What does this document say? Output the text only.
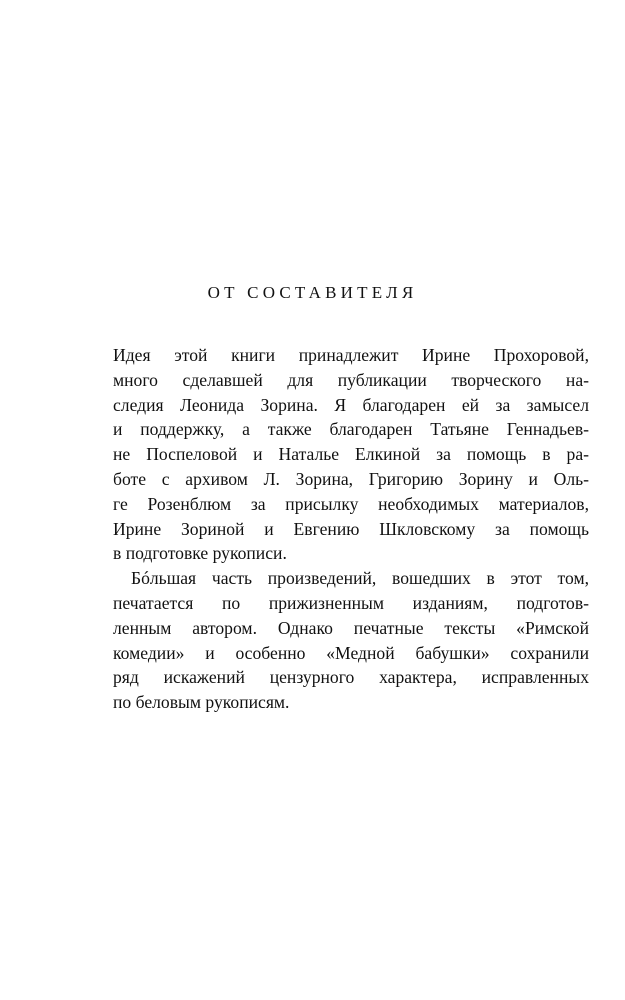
ОТ СОСТАВИТЕЛЯ
Идея этой книги принадлежит Ирине Прохоровой,
много сделавшей для публикации творческого на-
следия Леонида Зорина. Я благодарен ей за замысел
и поддержку, а также благодарен Татьяне Геннадьев-
не Поспеловой и Наталье Елкиной за помощь в ра-
боте с архивом Л. Зорина, Григорию Зорину и Оль-
ге Розенблюм за присылку необходимых материалов,
Ирине Зориной и Евгению Шкловскому за помощь
в подготовке рукописи.
Бóльшая часть произведений, вошедших в этот том,
печатается по прижизненным изданиям, подготов-
ленным автором. Однако печатные тексты «Римской
комедии» и особенно «Медной бабушки» сохранили
ряд искажений цензурного характера, исправленных
по беловым рукописям.
